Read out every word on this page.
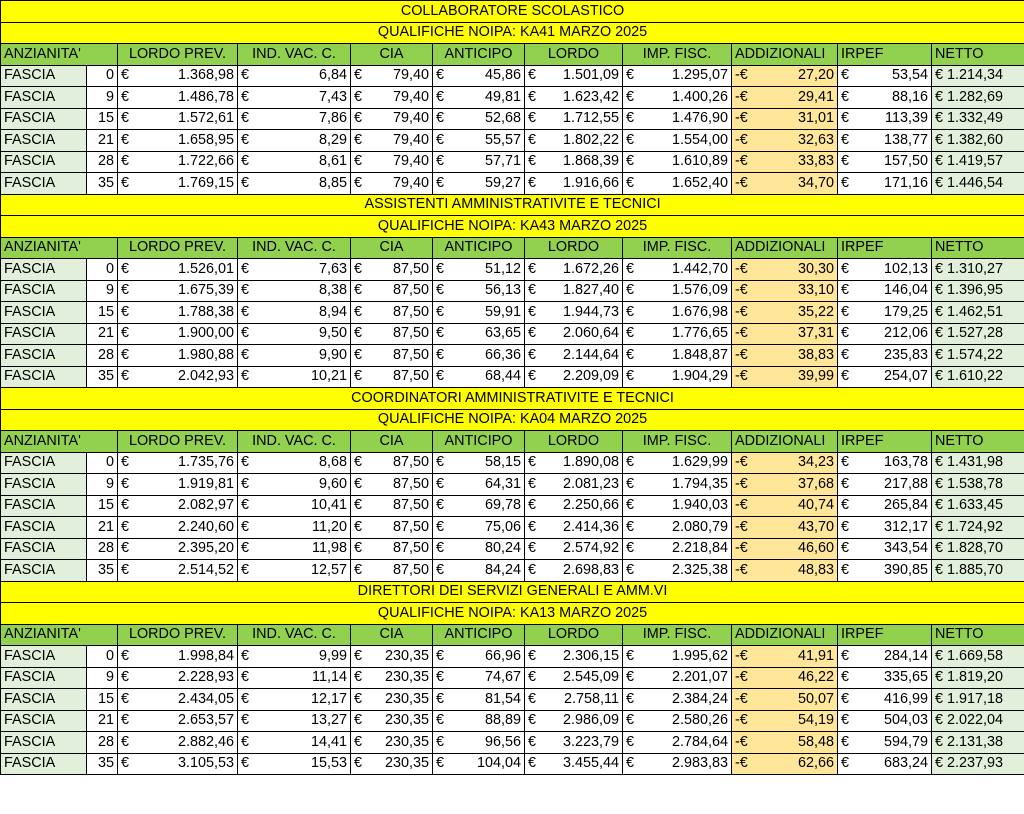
COLLABORATORE SCOLASTICO										
QUALIFICHE NOIPA: KA41 MARZO 2025										
ANZIANITA'		LORDO PREV.	IND. VAC. C.	CIA	ANTICIPO	LORDO	IMP. FISC.	ADDIZIONALI	IRPEF	NETTO
FASCIA	0	€ 1.368,98	€ 6,84	€ 79,40	€ 45,86	€ 1.501,09	€ 1.295,07	-€ 27,20	€ 53,54	€ 1.214,34
FASCIA	9	€ 1.486,78	€ 7,43	€ 79,40	€ 49,81	€ 1.623,42	€ 1.400,26	-€ 29,41	€ 88,16	€ 1.282,69
FASCIA	15	€ 1.572,61	€ 7,86	€ 79,40	€ 52,68	€ 1.712,55	€ 1.476,90	-€ 31,01	€ 113,39	€ 1.332,49
FASCIA	21	€ 1.658,95	€ 8,29	€ 79,40	€ 55,57	€ 1.802,22	€ 1.554,00	-€ 32,63	€ 138,77	€ 1.382,60
FASCIA	28	€ 1.722,66	€ 8,61	€ 79,40	€ 57,71	€ 1.868,39	€ 1.610,89	-€ 33,83	€ 157,50	€ 1.419,57
FASCIA	35	€ 1.769,15	€ 8,85	€ 79,40	€ 59,27	€ 1.916,66	€ 1.652,40	-€ 34,70	€ 171,16	€ 1.446,54
ASSISTENTI AMMINISTRATIVITE E TECNICI										
QUALIFICHE NOIPA: KA43 MARZO 2025										
ANZIANITA'		LORDO PREV.	IND. VAC. C.	CIA	ANTICIPO	LORDO	IMP. FISC.	ADDIZIONALI	IRPEF	NETTO
FASCIA	0	€ 1.526,01	€ 7,63	€ 87,50	€ 51,12	€ 1.672,26	€ 1.442,70	-€ 30,30	€ 102,13	€ 1.310,27
FASCIA	9	€ 1.675,39	€ 8,38	€ 87,50	€ 56,13	€ 1.827,40	€ 1.576,09	-€ 33,10	€ 146,04	€ 1.396,95
FASCIA	15	€ 1.788,38	€ 8,94	€ 87,50	€ 59,91	€ 1.944,73	€ 1.676,98	-€ 35,22	€ 179,25	€ 1.462,51
FASCIA	21	€ 1.900,00	€ 9,50	€ 87,50	€ 63,65	€ 2.060,64	€ 1.776,65	-€ 37,31	€ 212,06	€ 1.527,28
FASCIA	28	€ 1.980,88	€ 9,90	€ 87,50	€ 66,36	€ 2.144,64	€ 1.848,87	-€ 38,83	€ 235,83	€ 1.574,22
FASCIA	35	€ 2.042,93	€ 10,21	€ 87,50	€ 68,44	€ 2.209,09	€ 1.904,29	-€ 39,99	€ 254,07	€ 1.610,22
COORDINATORI AMMINISTRATIVITE E TECNICI										
QUALIFICHE NOIPA: KA04 MARZO 2025										
ANZIANITA'		LORDO PREV.	IND. VAC. C.	CIA	ANTICIPO	LORDO	IMP. FISC.	ADDIZIONALI	IRPEF	NETTO
FASCIA	0	€ 1.735,76	€ 8,68	€ 87,50	€ 58,15	€ 1.890,08	€ 1.629,99	-€ 34,23	€ 163,78	€ 1.431,98
FASCIA	9	€ 1.919,81	€ 9,60	€ 87,50	€ 64,31	€ 2.081,23	€ 1.794,35	-€ 37,68	€ 217,88	€ 1.538,78
FASCIA	15	€ 2.082,97	€ 10,41	€ 87,50	€ 69,78	€ 2.250,66	€ 1.940,03	-€ 40,74	€ 265,84	€ 1.633,45
FASCIA	21	€ 2.240,60	€ 11,20	€ 87,50	€ 75,06	€ 2.414,36	€ 2.080,79	-€ 43,70	€ 312,17	€ 1.724,92
FASCIA	28	€ 2.395,20	€ 11,98	€ 87,50	€ 80,24	€ 2.574,92	€ 2.218,84	-€ 46,60	€ 343,54	€ 1.828,70
FASCIA	35	€ 2.514,52	€ 12,57	€ 87,50	€ 84,24	€ 2.698,83	€ 2.325,38	-€ 48,83	€ 390,85	€ 1.885,70
DIRETTORI DEI SERVIZI GENERALI E AMM.VI										
QUALIFICHE NOIPA: KA13 MARZO 2025										
ANZIANITA'		LORDO PREV.	IND. VAC. C.	CIA	ANTICIPO	LORDO	IMP. FISC.	ADDIZIONALI	IRPEF	NETTO
FASCIA	0	€ 1.998,84	€ 9,99	€ 230,35	€ 66,96	€ 2.306,15	€ 1.995,62	-€ 41,91	€ 284,14	€ 1.669,58
FASCIA	9	€ 2.228,93	€ 11,14	€ 230,35	€ 74,67	€ 2.545,09	€ 2.201,07	-€ 46,22	€ 335,65	€ 1.819,20
FASCIA	15	€ 2.434,05	€ 12,17	€ 230,35	€ 81,54	€ 2.758,11	€ 2.384,24	-€ 50,07	€ 416,99	€ 1.917,18
FASCIA	21	€ 2.653,57	€ 13,27	€ 230,35	€ 88,89	€ 2.986,09	€ 2.580,26	-€ 54,19	€ 504,03	€ 2.022,04
FASCIA	28	€ 2.882,46	€ 14,41	€ 230,35	€ 96,56	€ 3.223,79	€ 2.784,64	-€ 58,48	€ 594,79	€ 2.131,38
FASCIA	35	€ 3.105,53	€ 15,53	€ 230,35	€ 104,04	€ 3.455,44	€ 2.983,83	-€ 62,66	€ 683,24	€ 2.237,93
